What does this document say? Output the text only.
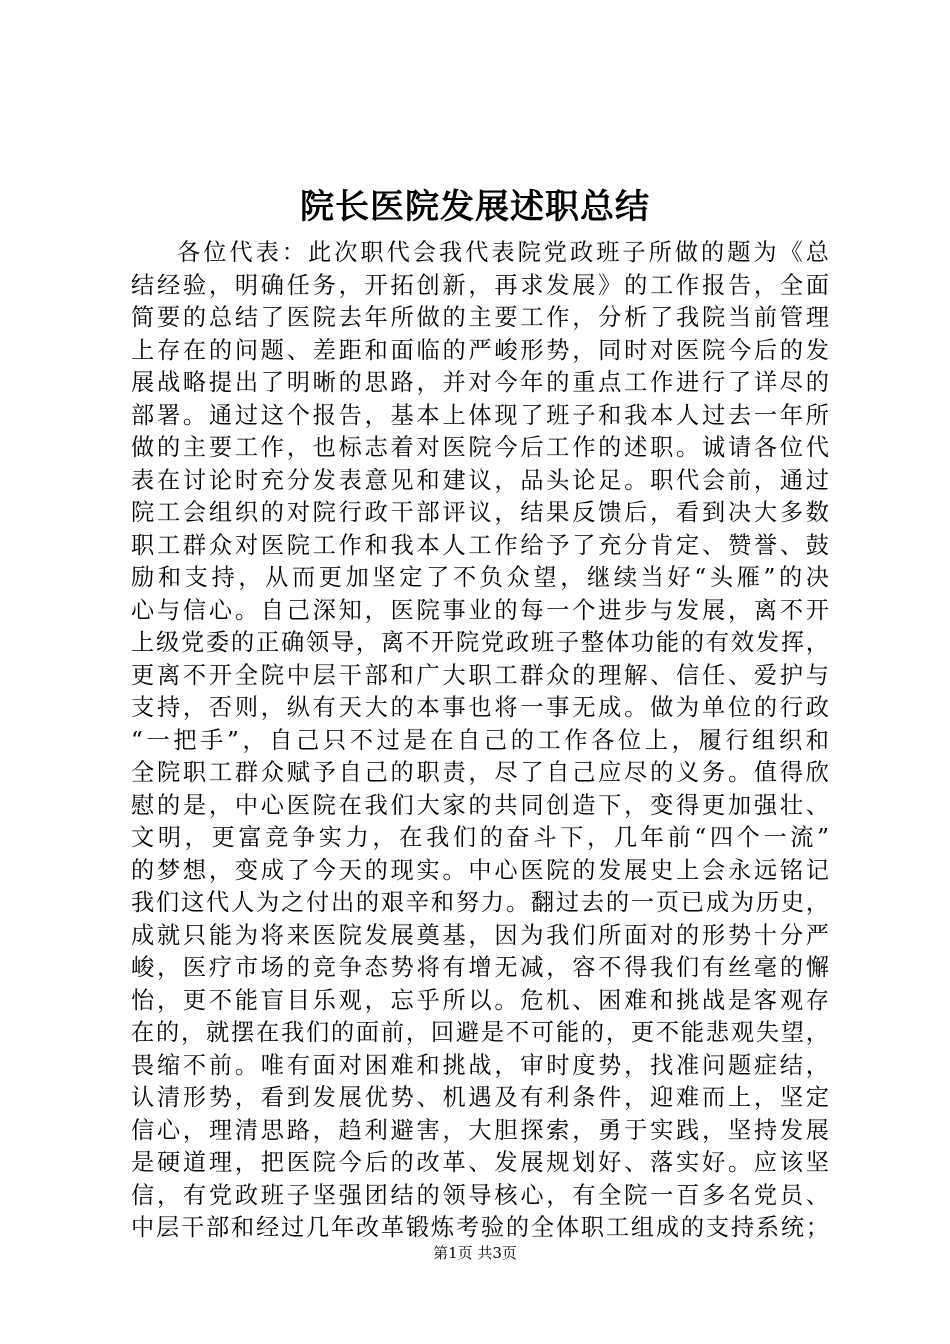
院长医院发展述职总结
各位代表：此次职代会我代表院党政班子所做的题为《总
结经验，明确任务，开拓创新，再求发展》的工作报告，全面
简要的总结了医院去年所做的主要工作，分析了我院当前管理
上存在的问题、差距和面临的严峻形势，同时对医院今后的发
展战略提出了明晰的思路，并对今年的重点工作进行了详尽的
部署。通过这个报告，基本上体现了班子和我本人过去一年所
做的主要工作，也标志着对医院今后工作的述职。诚请各位代
表在讨论时充分发表意见和建议，品头论足。职代会前，通过
院工会组织的对院行政干部评议，结果反馈后，看到决大多数
职工群众对医院工作和我本人工作给予了充分肯定、赞誉、鼓
励和支持，从而更加坚定了不负众望，继续当好“头雁”的决
心与信心。自己深知，医院事业的每一个进步与发展，离不开
上级党委的正确领导，离不开院党政班子整体功能的有效发挥，
更离不开全院中层干部和广大职工群众的理解、信任、爱护与
支持，否则，纵有天大的本事也将一事无成。做为单位的行政
“一把手”，自己只不过是在自己的工作各位上，履行组织和
全院职工群众赋予自己的职责，尽了自己应尽的义务。值得欣
慰的是，中心医院在我们大家的共同创造下，变得更加强壮、
文明，更富竞争实力，在我们的奋斗下，几年前“四个一流”
的梦想，变成了今天的现实。中心医院的发展史上会永远铭记
我们这代人为之付出的艰辛和努力。翻过去的一页已成为历史，
成就只能为将来医院发展奠基，因为我们所面对的形势十分严
峻，医疗市场的竞争态势将有增无减，容不得我们有丝毫的懈
怡，更不能盲目乐观，忘乎所以。危机、困难和挑战是客观存
在的，就摆在我们的面前，回避是不可能的，更不能悲观失望，
畏缩不前。唯有面对困难和挑战，审时度势，找准问题症结，
认清形势，看到发展优势、机遇及有利条件，迎难而上，坚定
信心，理清思路，趋利避害，大胆探索，勇于实践，坚持发展
是硬道理，把医院今后的改革、发展规划好、落实好。应该坚
信，有党政班子坚强团结的领导核心，有全院一百多名党员、
中层干部和经过几年改革锻炼考验的全体职工组成的支持系统；
第1页 共3页
